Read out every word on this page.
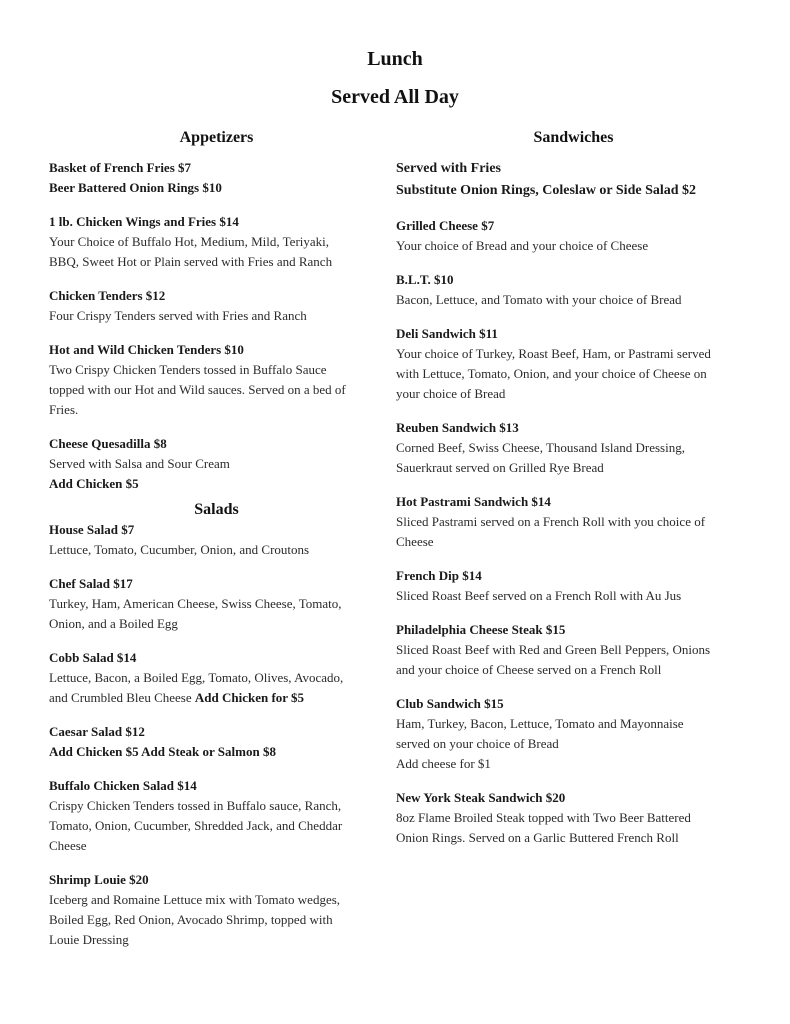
Lunch
Served All Day
Appetizers
Basket of French Fries $7
Beer Battered Onion Rings $10
1 lb. Chicken Wings and Fries $14
Your Choice of Buffalo Hot, Medium, Mild, Teriyaki,
BBQ, Sweet Hot or Plain served with Fries and Ranch
Chicken Tenders $12
Four Crispy Tenders served with Fries and Ranch
Hot and Wild Chicken Tenders $10
Two Crispy Chicken Tenders tossed in Buffalo Sauce
topped with our Hot and Wild sauces. Served on a bed of
Fries.
Cheese Quesadilla $8
Served with Salsa and Sour Cream
Add Chicken $5
Salads
House Salad $7
Lettuce, Tomato, Cucumber, Onion, and Croutons
Chef Salad $17
Turkey, Ham, American Cheese, Swiss Cheese, Tomato,
Onion, and a Boiled Egg
Cobb Salad $14
Lettuce, Bacon, a Boiled Egg, Tomato, Olives, Avocado,
and Crumbled Bleu Cheese Add Chicken for $5
Caesar Salad $12
Add Chicken $5 Add Steak or Salmon $8
Buffalo Chicken Salad $14
Crispy Chicken Tenders tossed in Buffalo sauce, Ranch,
Tomato, Onion, Cucumber, Shredded Jack, and Cheddar
Cheese
Shrimp Louie $20
Iceberg and Romaine Lettuce mix with Tomato wedges,
Boiled Egg, Red Onion, Avocado Shrimp, topped with
Louie Dressing
Sandwiches
Served with Fries
Substitute Onion Rings, Coleslaw or Side Salad $2
Grilled Cheese $7
Your choice of Bread and your choice of Cheese
B.L.T. $10
Bacon, Lettuce, and Tomato with your choice of Bread
Deli Sandwich $11
Your choice of Turkey, Roast Beef, Ham, or Pastrami served
with Lettuce, Tomato, Onion, and your choice of Cheese on
your choice of Bread
Reuben Sandwich $13
Corned Beef, Swiss Cheese, Thousand Island Dressing,
Sauerkraut served on Grilled Rye Bread
Hot Pastrami Sandwich $14
Sliced Pastrami served on a French Roll with you choice of
Cheese
French Dip $14
Sliced Roast Beef served on a French Roll with Au Jus
Philadelphia Cheese Steak $15
Sliced Roast Beef with Red and Green Bell Peppers, Onions
and your choice of Cheese served on a French Roll
Club Sandwich $15
Ham, Turkey, Bacon, Lettuce, Tomato and Mayonnaise
served on your choice of Bread
Add cheese for $1
New York Steak Sandwich $20
8oz Flame Broiled Steak topped with Two Beer Battered
Onion Rings. Served on a Garlic Buttered French Roll
